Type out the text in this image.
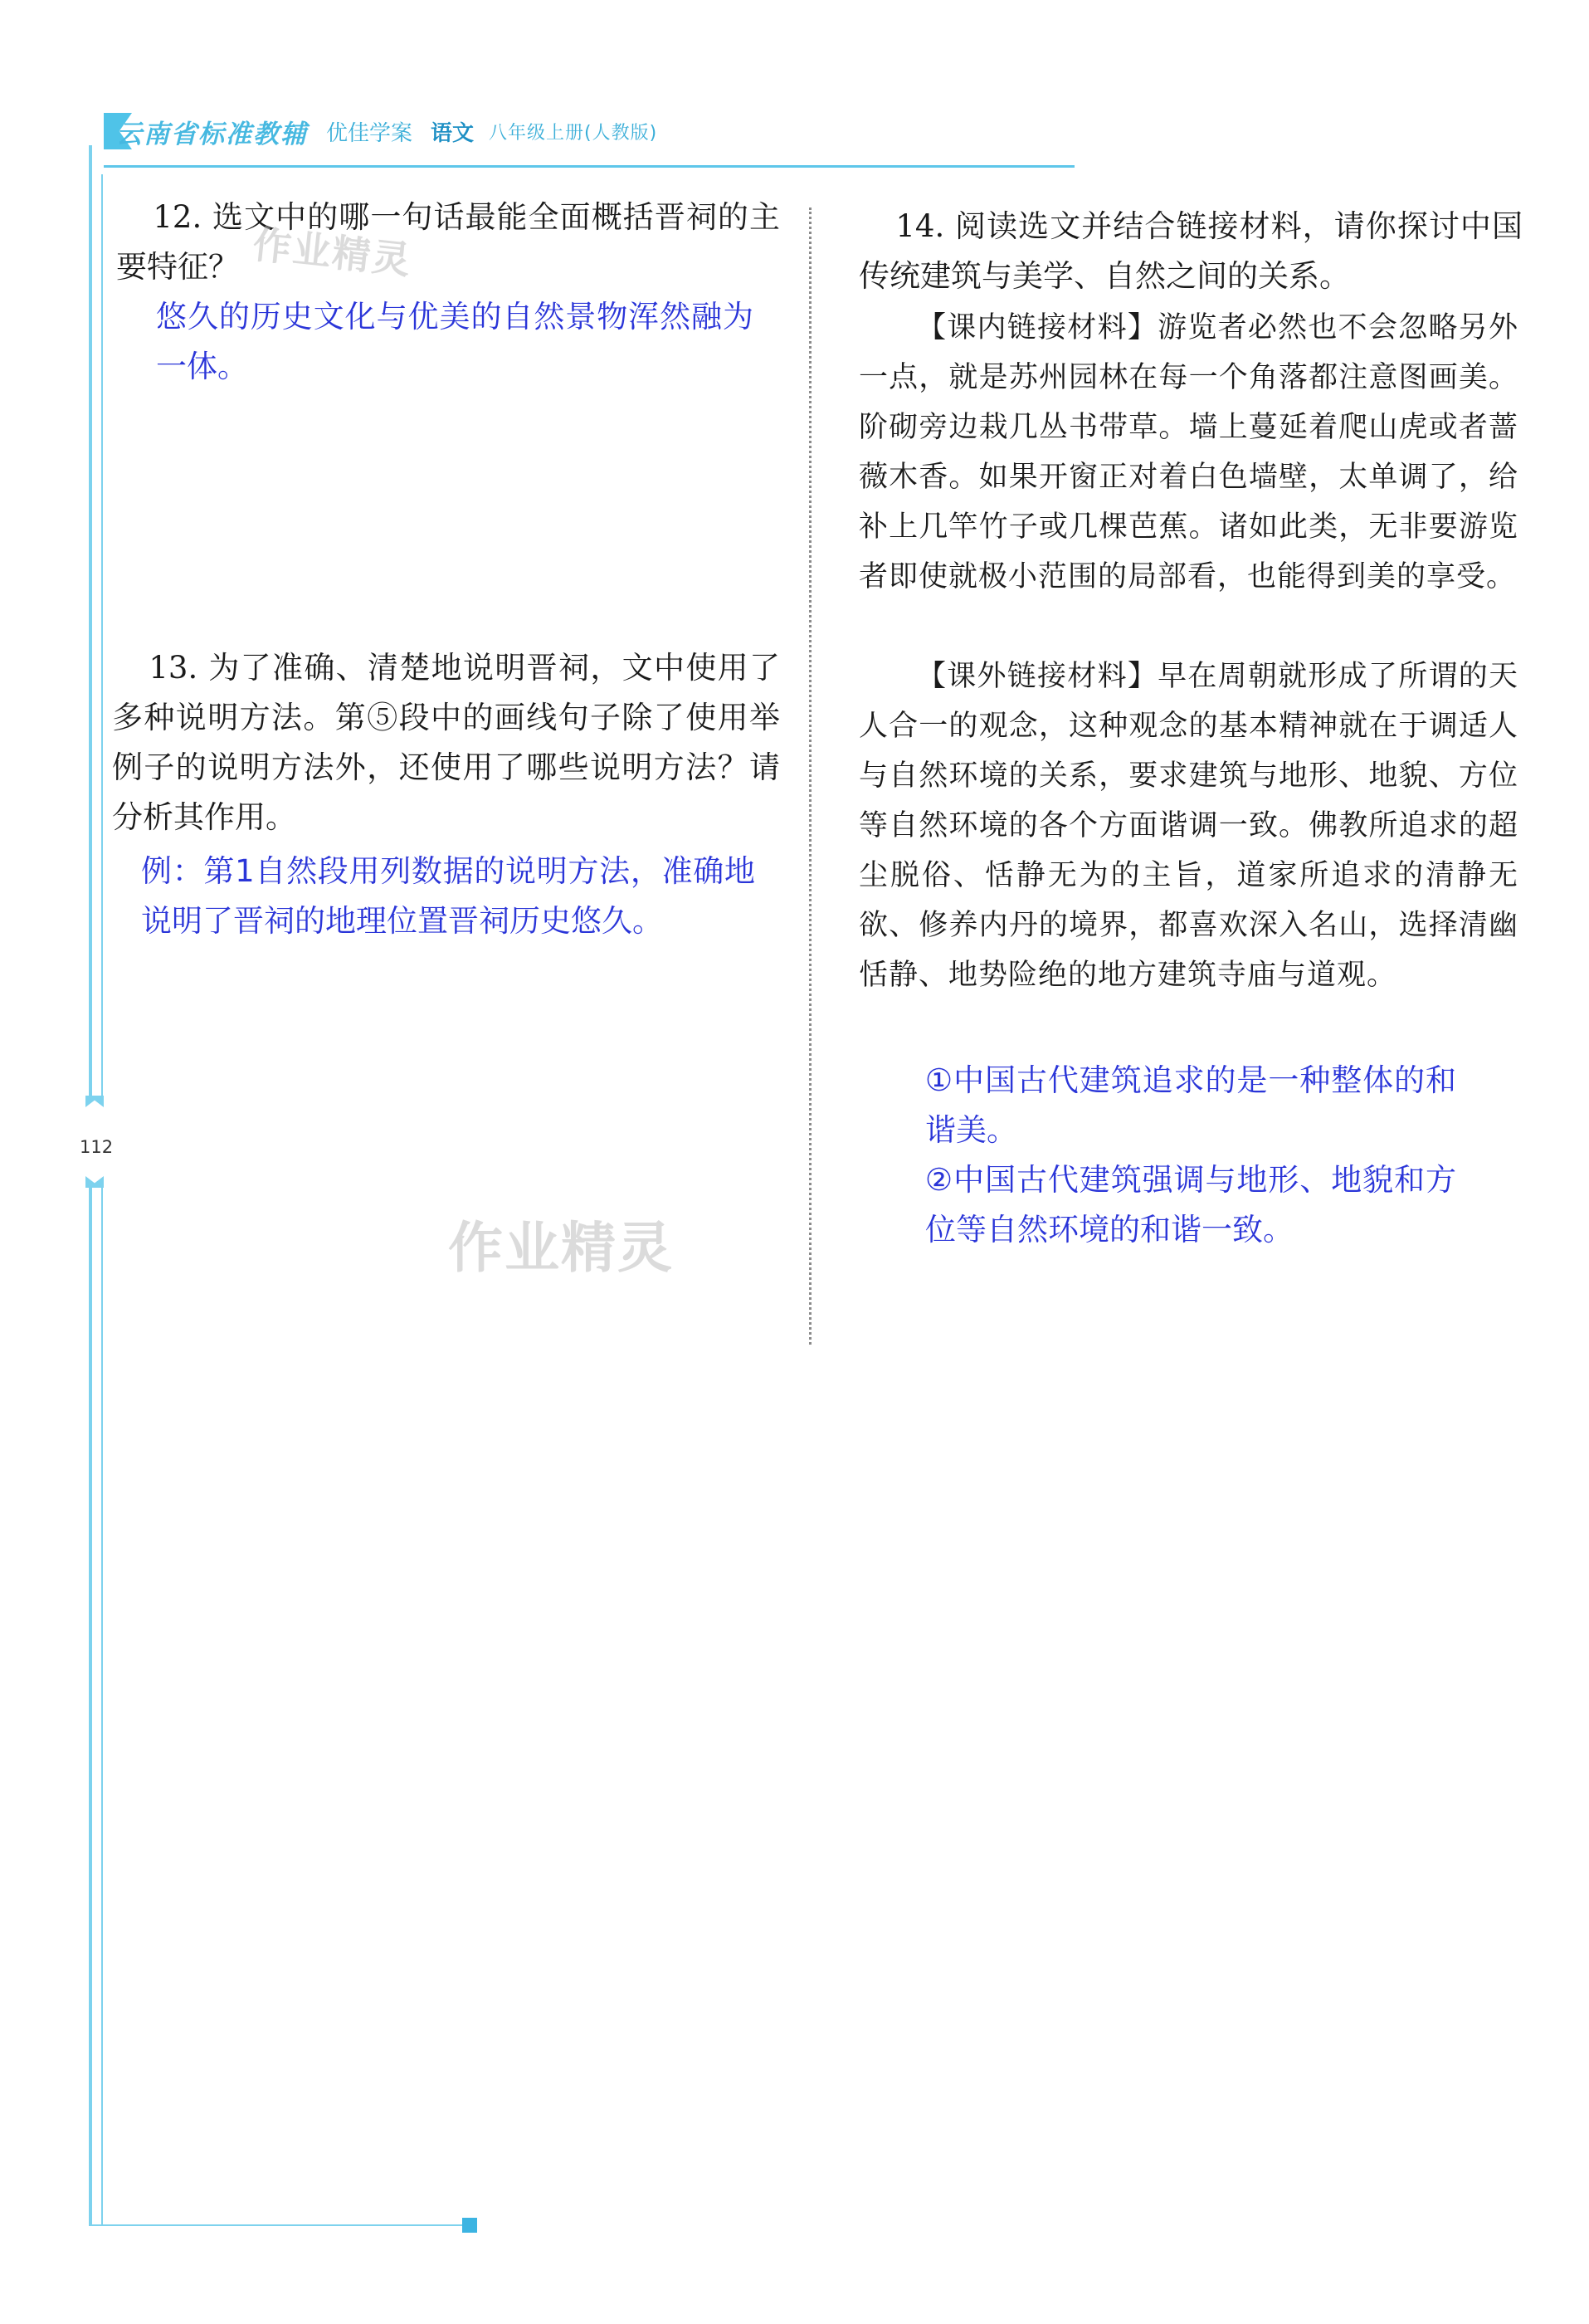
云南省标准教辅 优佳学案 语文 八年级上册(人教版)
112

12. 选文中的哪一句话最能全面概括晋祠的主要特征？

悠久的历史文化与优美的自然景物浑然融为一体。

13. 为了准确、清楚地说明晋祠，文中使用了多种说明方法。第⑤段中的画线句子除了使用举例子的说明方法外，还使用了哪些说明方法？请分析其作用。

例：第1自然段用列数据的说明方法，准确地说明了晋祠的地理位置晋祠历史悠久。

14. 阅读选文并结合链接材料，请你探讨中国传统建筑与美学、自然之间的关系。

【课内链接材料】游览者必然也不会忽略另外一点，就是苏州园林在每一个角落都注意图画美。阶砌旁边栽几丛书带草。墙上蔓延着爬山虎或者蔷薇木香。如果开窗正对着白色墙壁，太单调了，给补上几竿竹子或几棵芭蕉。诸如此类，无非要游览者即使就极小范围的局部看，也能得到美的享受。

【课外链接材料】早在周朝就形成了所谓的天人合一的观念，这种观念的基本精神就在于调适人与自然环境的关系，要求建筑与地形、地貌、方位等自然环境的各个方面谐调一致。佛教所追求的超尘脱俗、恬静无为的主旨，道家所追求的清静无欲、修养内丹的境界，都喜欢深入名山，选择清幽恬静、地势险绝的地方建筑寺庙与道观。

①中国古代建筑追求的是一种整体的和谐美。

②中国古代建筑强调与地形、地貌和方位等自然环境的和谐一致。

作业精灵
作业精灵
